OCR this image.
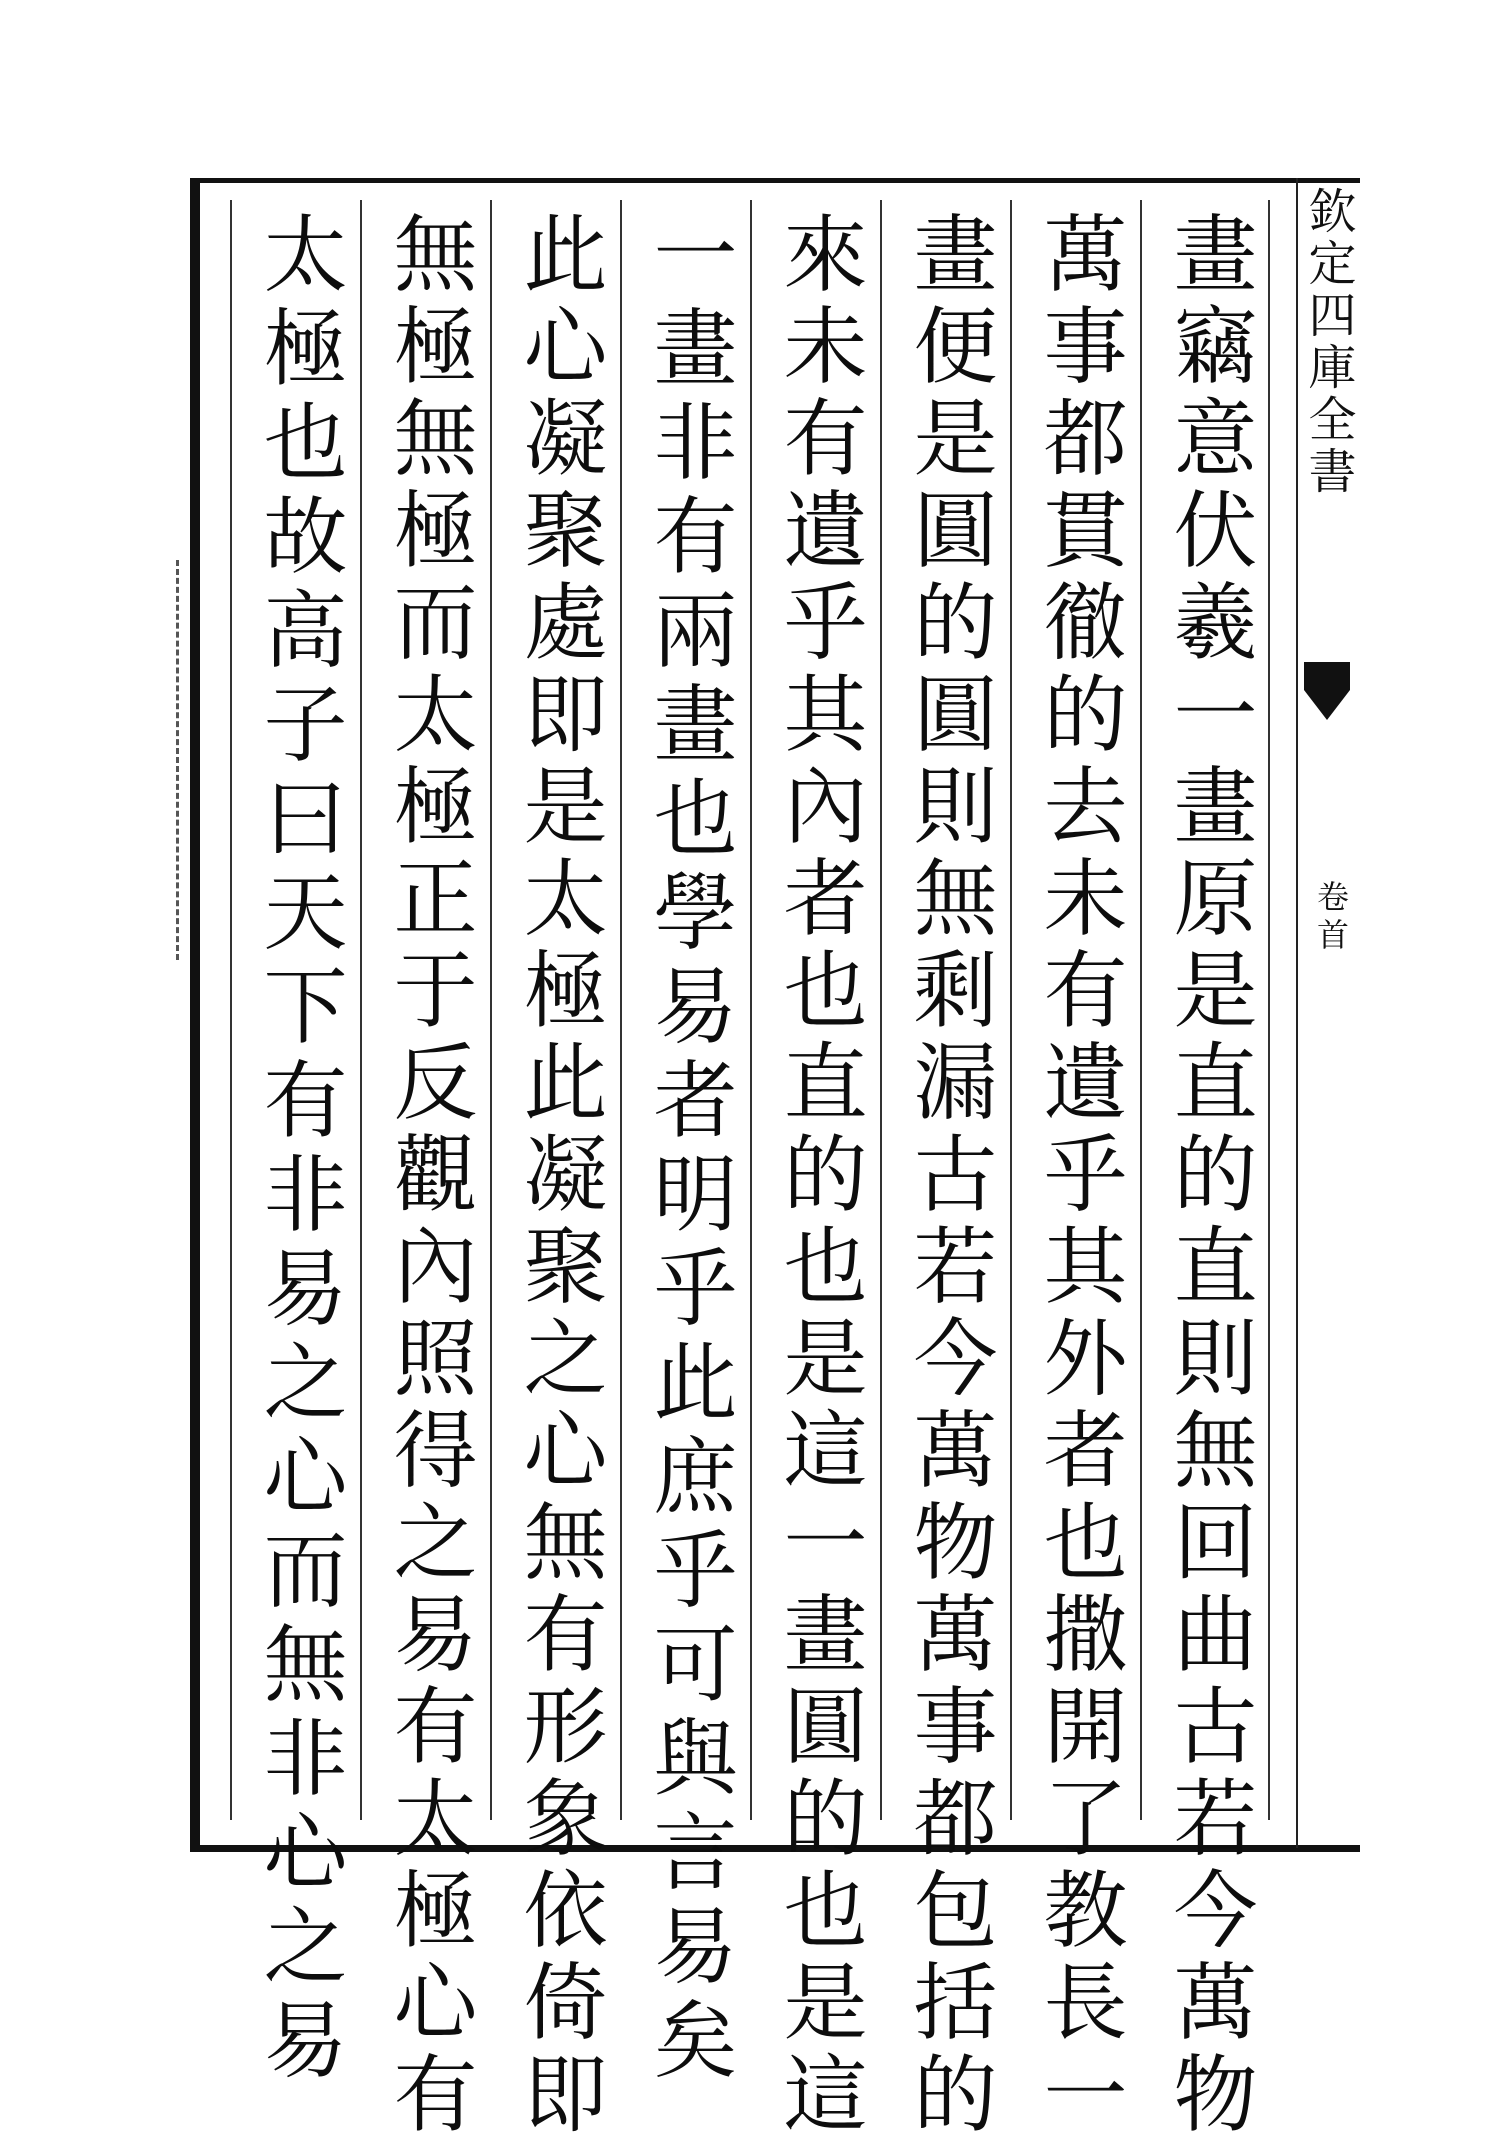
欽定四庫全書
卷首
畫竊意伏羲一畫原是直的直則無回曲古若今萬物
萬事都貫徹的去未有遺乎其外者也撒開了教長一
畫便是圓的圓則無剩漏古若今萬物萬事都包括的
來未有遺乎其內者也直的也是這一畫圓的也是這
一畫非有兩畫也學易者明乎此庶乎可與言易矣
此心凝聚處即是太極此凝聚之心無有形象依倚即
無極無極而太極正于反觀內照得之易有太極心有
太極也故高子曰天下有非易之心而無非心之易
